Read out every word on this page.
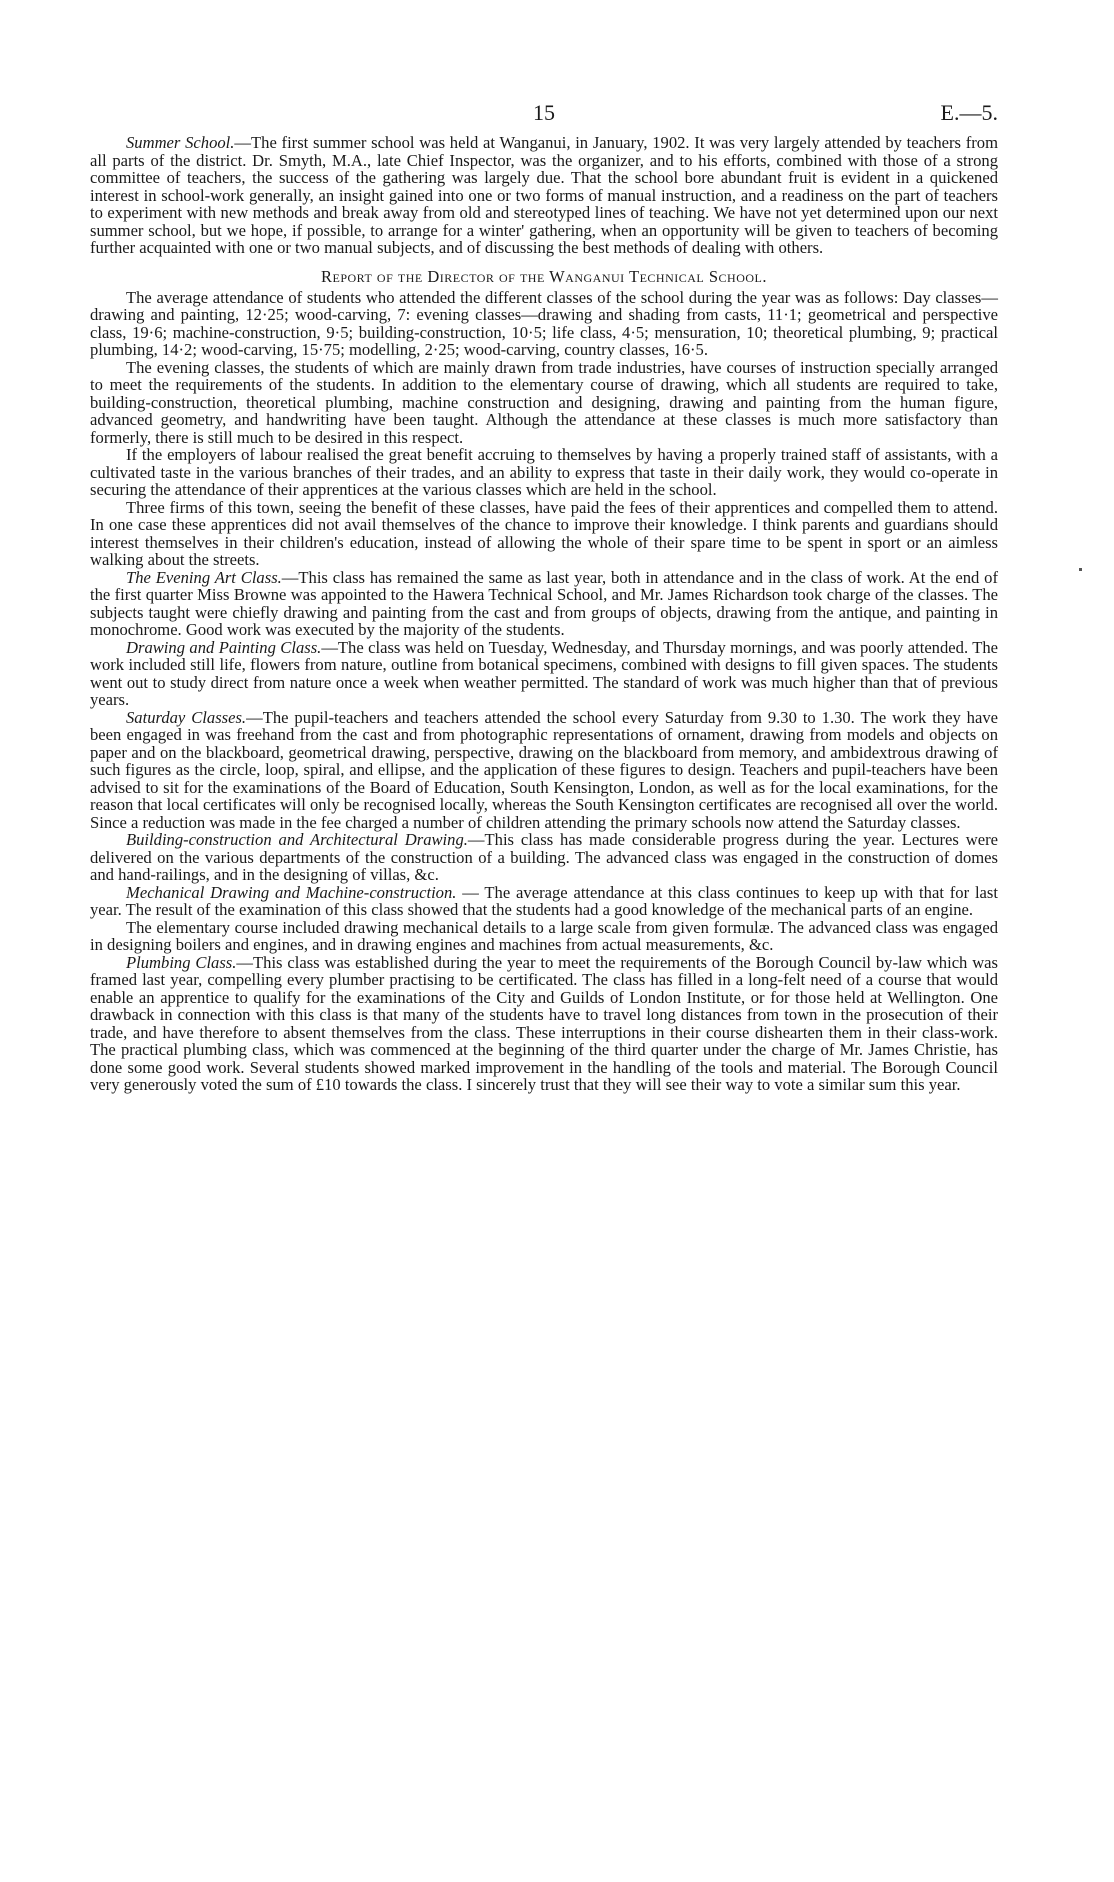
15	E.—5.

Summer School.—The first summer school was held at Wanganui, in January, 1902. It was very largely attended by teachers from all parts of the district. Dr. Smyth, M.A., late Chief Inspector, was the organizer, and to his efforts, combined with those of a strong committee of teachers, the success of the gathering was largely due. That the school bore abundant fruit is evident in a quickened interest in school-work generally, an insight gained into one or two forms of manual instruction, and a readiness on the part of teachers to experiment with new methods and break away from old and stereotyped lines of teaching. We have not yet determined upon our next summer school, but we hope, if possible, to arrange for a winter' gathering, when an opportunity will be given to teachers of becoming further acquainted with one or two manual subjects, and of discussing the best methods of dealing with others.

Report of the Director of the Wanganui Technical School.

The average attendance of students who attended the different classes of the school during the year was as follows: Day classes—drawing and painting, 12·25; wood-carving, 7: evening classes—drawing and shading from casts, 11·1; geometrical and perspective class, 19·6; machine-construction, 9·5; building-construction, 10·5; life class, 4·5; mensuration, 10; theoretical plumbing, 9; practical plumbing, 14·2; wood-carving, 15·75; modelling, 2·25; wood-carving, country classes, 16·5.

The evening classes, the students of which are mainly drawn from trade industries, have courses of instruction specially arranged to meet the requirements of the students. In addition to the elementary course of drawing, which all students are required to take, building-construction, theoretical plumbing, machine construction and designing, drawing and painting from the human figure, advanced geometry, and handwriting have been taught. Although the attendance at these classes is much more satisfactory than formerly, there is still much to be desired in this respect.

If the employers of labour realised the great benefit accruing to themselves by having a properly trained staff of assistants, with a cultivated taste in the various branches of their trades, and an ability to express that taste in their daily work, they would co-operate in securing the attendance of their apprentices at the various classes which are held in the school.

Three firms of this town, seeing the benefit of these classes, have paid the fees of their apprentices and compelled them to attend. In one case these apprentices did not avail themselves of the chance to improve their knowledge. I think parents and guardians should interest themselves in their children's education, instead of allowing the whole of their spare time to be spent in sport or an aimless walking about the streets.

The Evening Art Class.—This class has remained the same as last year, both in attendance and in the class of work. At the end of the first quarter Miss Browne was appointed to the Hawera Technical School, and Mr. James Richardson took charge of the classes. The subjects taught were chiefly drawing and painting from the cast and from groups of objects, drawing from the antique, and painting in monochrome. Good work was executed by the majority of the students.

Drawing and Painting Class.—The class was held on Tuesday, Wednesday, and Thursday mornings, and was poorly attended. The work included still life, flowers from nature, outline from botanical specimens, combined with designs to fill given spaces. The students went out to study direct from nature once a week when weather permitted. The standard of work was much higher than that of previous years.

Saturday Classes.—The pupil-teachers and teachers attended the school every Saturday from 9.30 to 1.30. The work they have been engaged in was freehand from the cast and from photographic representations of ornament, drawing from models and objects on paper and on the blackboard, geometrical drawing, perspective, drawing on the blackboard from memory, and ambidextrous drawing of such figures as the circle, loop, spiral, and ellipse, and the application of these figures to design. Teachers and pupil-teachers have been advised to sit for the examinations of the Board of Education, South Kensington, London, as well as for the local examinations, for the reason that local certificates will only be recognised locally, whereas the South Kensington certificates are recognised all over the world. Since a reduction was made in the fee charged a number of children attending the primary schools now attend the Saturday classes.

Building-construction and Architectural Drawing.—This class has made considerable progress during the year. Lectures were delivered on the various departments of the construction of a building. The advanced class was engaged in the construction of domes and hand-railings, and in the designing of villas, &c.

Mechanical Drawing and Machine-construction. — The average attendance at this class continues to keep up with that for last year. The result of the examination of this class showed that the students had a good knowledge of the mechanical parts of an engine.

The elementary course included drawing mechanical details to a large scale from given formulæ. The advanced class was engaged in designing boilers and engines, and in drawing engines and machines from actual measurements, &c.

Plumbing Class.—This class was established during the year to meet the requirements of the Borough Council by-law which was framed last year, compelling every plumber practising to be certificated. The class has filled in a long-felt need of a course that would enable an apprentice to qualify for the examinations of the City and Guilds of London Institute, or for those held at Wellington. One drawback in connection with this class is that many of the students have to travel long distances from town in the prosecution of their trade, and have therefore to absent themselves from the class. These interruptions in their course dishearten them in their class-work. The practical plumbing class, which was commenced at the beginning of the third quarter under the charge of Mr. James Christie, has done some good work. Several students showed marked improvement in the handling of the tools and material. The Borough Council very generously voted the sum of £10 towards the class. I sincerely trust that they will see their way to vote a similar sum this year.
